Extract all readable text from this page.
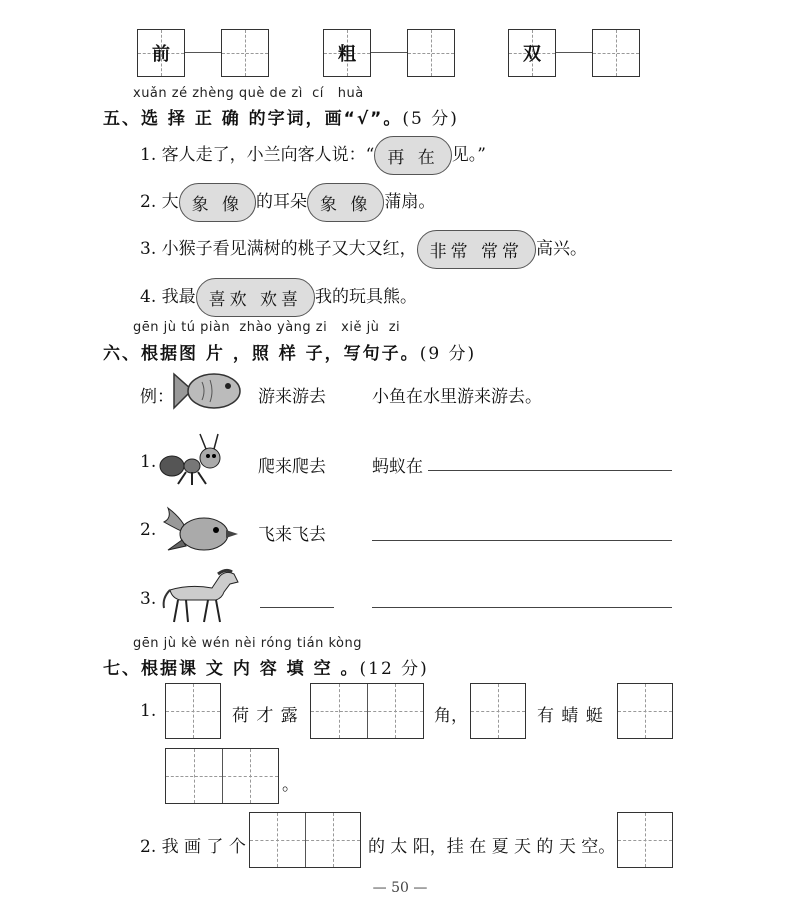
前	粗	双
xuǎn zé zhèng què de zì  cí   huà
五、选 择 正 确 的字词，画“√”。(5 分)
1. 客人走了，小兰向客人说：“ 再 在 见。”
2. 大 象 像 的耳朵 象 像 蒲扇。
3. 小猴子看见满树的桃子又大又红， 非常 常常 高兴。
4. 我最 喜欢 欢喜 我的玩具熊。
gēn jù tú piàn  zhào yàng zi   xiě jù  zi
六、根据图 片 ，照 样 子，写句子。(9 分)
例：	游来游去	小鱼在水里游来游去。
1.	爬来爬去	蚂蚁在
2.	飞来飞去
3.
gēn jù kè wén nèi róng tián kòng
七、根据课 文 内 容 填 空 。(12 分)
1.	荷 才 露	角，	有 蜻 蜓
。
2. 我 画 了 个	的 太 阳，挂 在 夏 天 的 天 空。
— 50 —
